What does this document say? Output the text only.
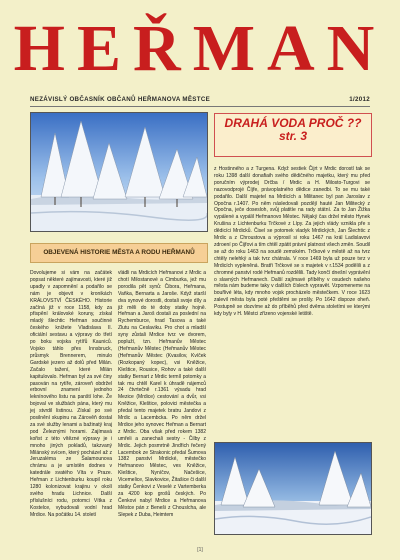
HEŘMAN
NEZÁVISLÝ OBČASNÍK OBČANŮ HEŘMANOVA MĚSTCE	1/2012
DRAHÁ VODA PROČ ??
str. 3
z Hostinného a z Turgena. Když sestiek Čijrt v Mrdic dorostl tak se roku 1398 další donafiaih svého dědičného majetku, který mu před poručním výprodej Drčba / Mrdic a H. Milosto-Turgovi se nazovodprojé Číjře, právoplatného dědice zanedbi. To se mu také podařilo. Další majetel na Mrdicích a Militanec byl pan Jaroslav z Opočna r.1407. Po něm následovali pozdějí hauté Jan Militecký z Opočna, ječe dosesloh, svůj platitíe na rady státní. Za to Jan Žižka vypálené a vypálil Heřmanovo Městec. Nějaký čas držel město Hynek Krušina z Lichtenburku Trčkové z Lípy. Za jejich vlády vznikla pře s dědicíci Mrdicků. Čisel se potomek vladyk Mrdických, Jan Šlechtic z Mrdic a z Chroustova a výprosil si roku 1467 na král Ladislavovi zdroení po Čijřovi a tím chtěl zpátit právní platnost všech změn. Soudil se až do roku 1463 na soudě zemském. Trčkové v městě až na tvrz chtěly nelehký a tak tvrz chátrala. V roce 1469 byla už pouze tvrz v Mrdicích vypleněná. Bratři Trčkové se s majetek v r.1534 podělili a z chromné panství rodé Heřmanů rozdělili. Tady končí dnešní vyprávění o slavných Heřmanech. Další zajímavé příběhy v osudech našeho města nám budeme taky v dalších číslech vypravět. Vzpomeneme na bouřlivé léta, kdy mnoho vojsk procházelo městečkem. V roce 1623 zalevil města byla poté přeštěmi se prošly. Po 1642 dispoze oheň. Postupně se dozvíme až do příběhů před dvěma stoletími ve kterými kdy byly v H. Městci zřízeno vojenské letiště.
OBJEVENÁ HISTORIE MĚSTA A RODU HEŘMANŮ
Dovolujeme si vám na začátek popsat některé zajímavosti, které již upadly v zapomnění a podařilo se nám je objevit v kronikách KRÁLOVSTVÍ ČESKÉHO. Historie začíná již v roce 1158, kdy za přispění královské koruny, získal mladý šlechtic Heřman součinné českého knížete Vladislava II. oficiální sestavu a výpravy do třetí po boku vojska rytířů Kauniců. Vojsko táhlo přes Innsbruck, průsmyk Brennerem, minulo Gardské jezero až dolů před Milán. Začalo tažení, které Milán kapitulovalo. Heřman byl za své činy pasován na rytíře, zároveň obdržel erbovní znamení jednoho leknínového listu na panští lohe. Že bojoval ve službách pána, který mu jej stvrdil listinou. Získal po své posilnění skupinu na Zárověň dostal za své služby lenami a bažinatý kraj pod Železnými horami. Zajímavá kořist z této vítězné výpravy je i mnoho jiných pokladů, takzvaný Milánský svícen, který pocházel až z Jeruzaléma ze Šalamounova chrámu a je umístěn dodnes v katedrále svatého Víta v Praze. Heřman z Lichtenburku koupil roku 1280 kolonizovat krajinu v okolí svého hradu Lichnice. Další příslušníci rodu, potomci Vítka z Kostelce, vybudovali vodní hrad Mrdice. Na počátku 14. století
vládli na Mrdicích Heřmanovi z Mrdic a chotí Milostanové a Cimburka, jež mu porodila pět synů: Čibora, Heřmana, Vaňka, Bernarta a Jaroše. Když starší dva synové dorostli, dostali svoje díly a již měli do té doby statky hojně. Heřman a Jaroš dostali za poslední na Rychemburce, hrad Tasova a také Zlutu na Ceslaviku. Pro chot a mladší syny zůstali Mrdice tvrz ve dvorem, popluží, tzn. Heřmanův Městec (Heřmanův Městec (Heřmanův Městec (Heřmanův Městec (Kvasilov, Kvíček (Rozkopaný kopec), vsi Kněžice, Kleštice, Rousice, Rohov a také další statky Bernart z Mrdic termíl potomky a tak mu chtěl Karel k úhradě nájemců 24 čtvrtečně r.1361 výsadu hrad Mezice (Mrdice) cestování a dvůr, vsi Kněžice, Kleštice, polovici městečka a předal tento majetek bratru Jandovi z Mrdic a Lacembcka. Po něm držel Mrdice jeho synovec Heřman a Bernart z Mrdic. Oba však před rokem 1382 umřeli a zanechali sestry - Čilby z Mrdic. Jejich posmrtně Jindřich řečený Lacembok ze Strakonic předal Šumova 1382 panství Mrdické, městečko Heřmanovo Městec, ves Kněžice, Kleštice, Nyníčov, Načešice, Vicemelice, Slavkovice, Žitašice či další statky Čenkovi z Veselé z Vartemberka za 4200 kop grošů českých. Po Čenkovi nabyl Mrdice a Heřmanova Městce pán z Beneši z Chouslcha, ale Slepek z Duba, Heimtem
[1]
